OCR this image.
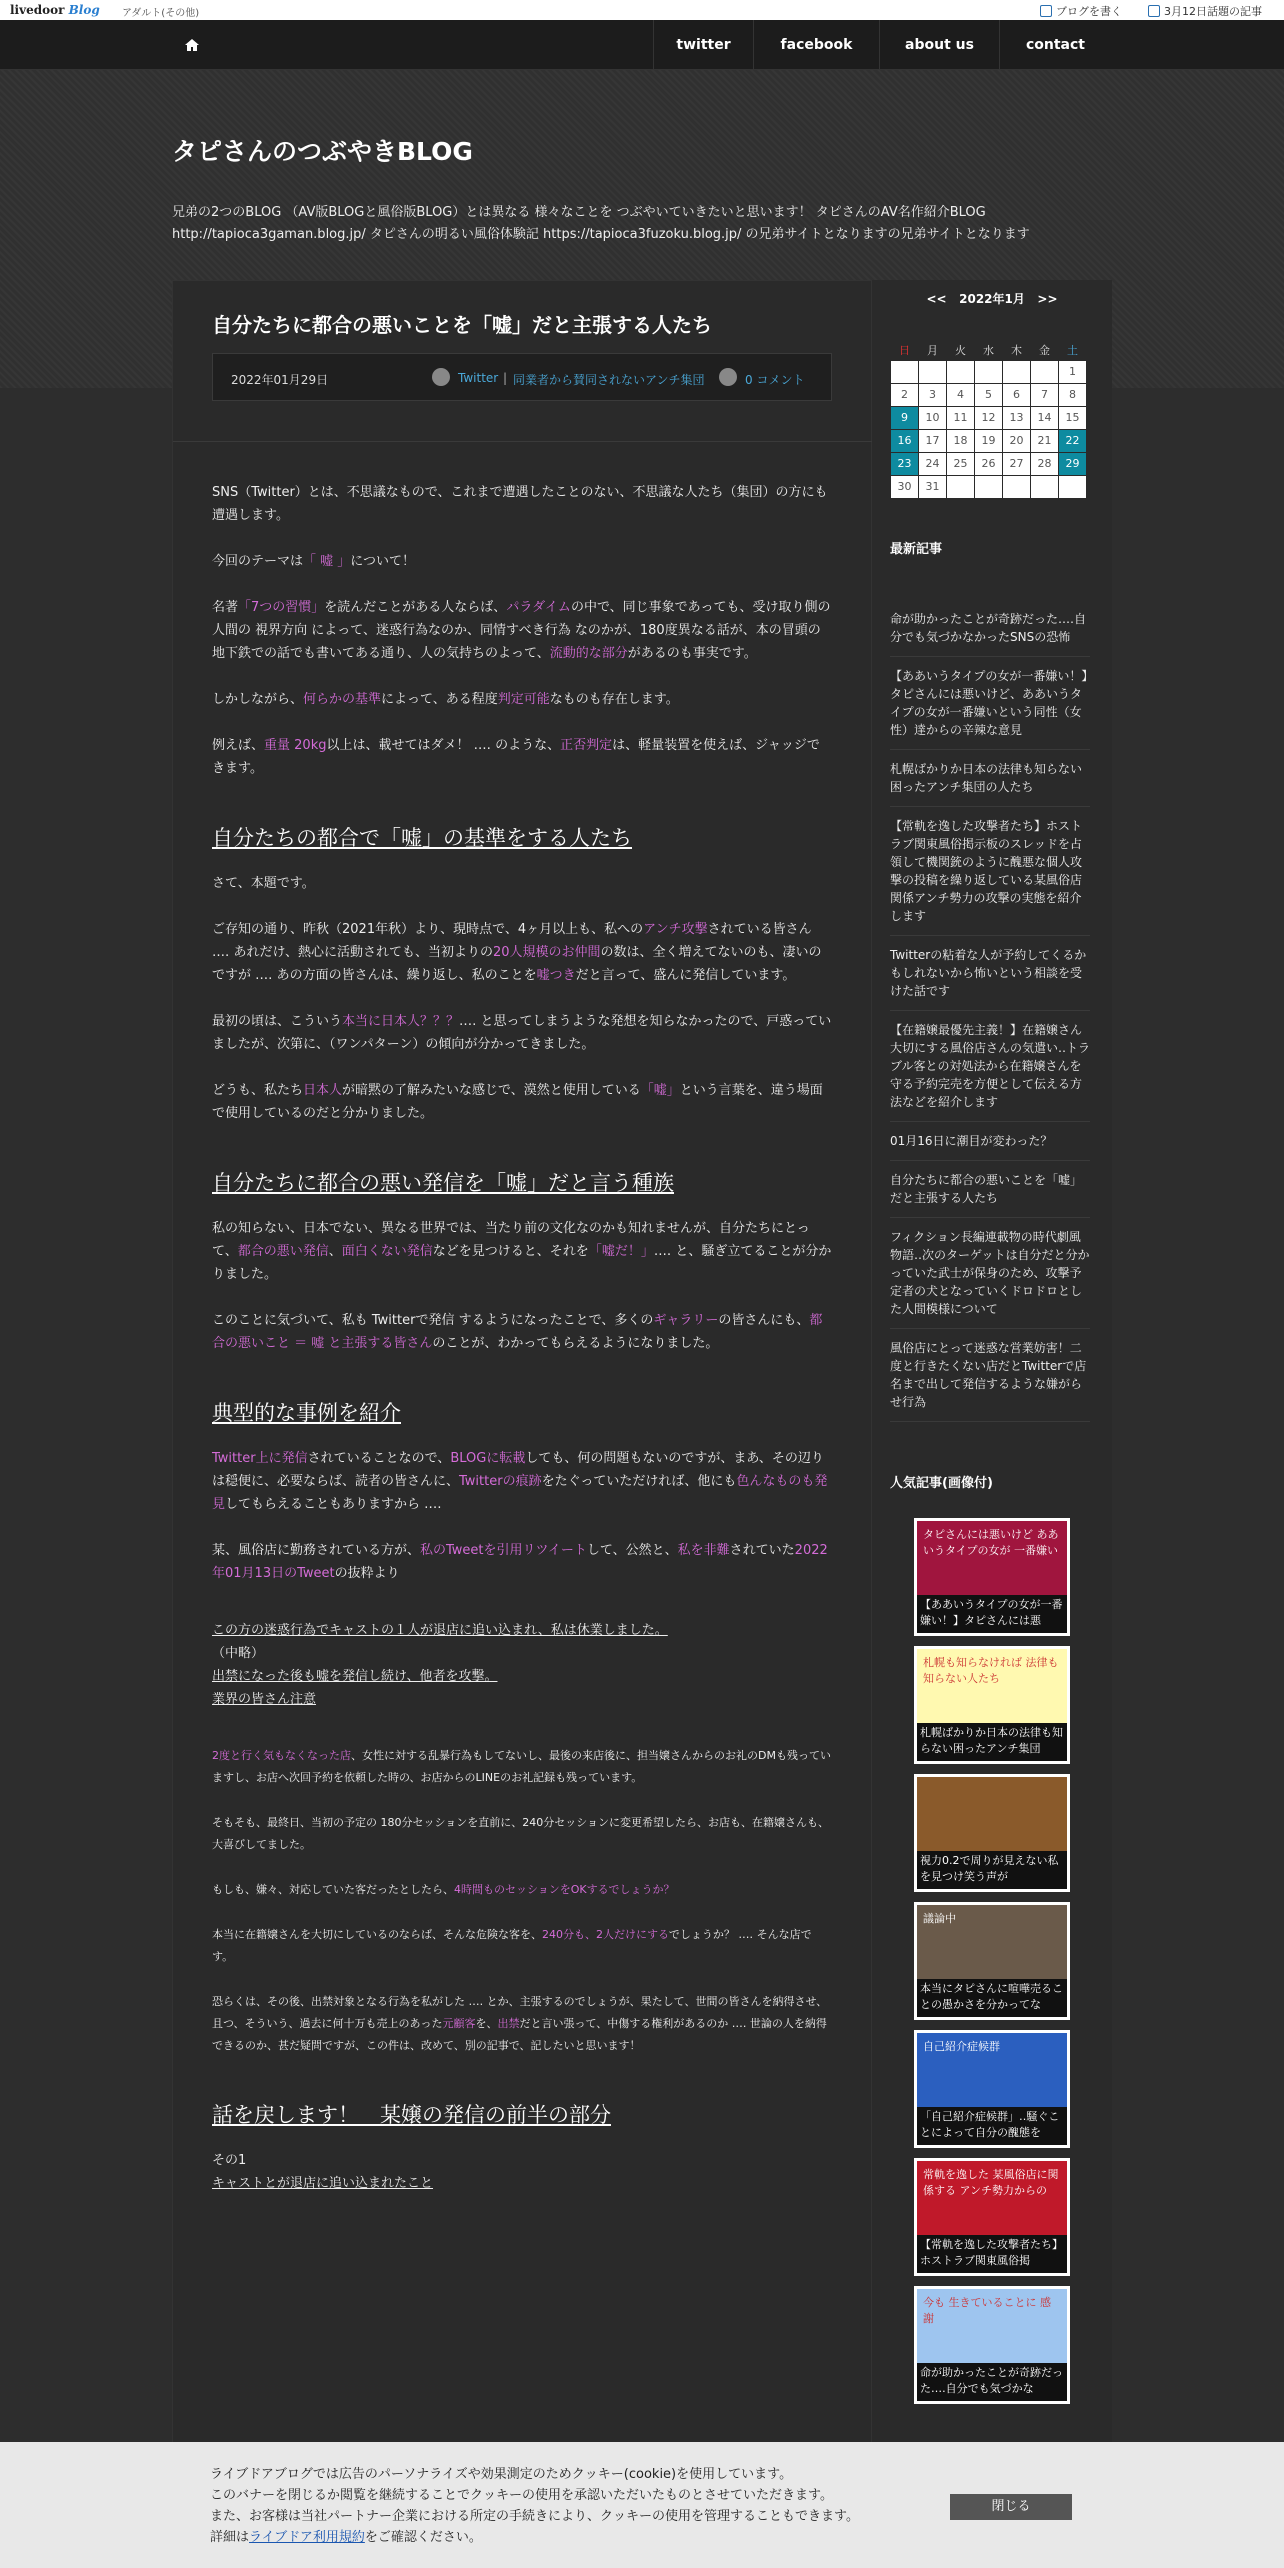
livedoor Blog アダルト(その他)	ブログを書く	3月12日話題の記事
twitter	facebook	about us	contact
タピさんのつぶやきBLOG
兄弟の2つのBLOG （AV版BLOGと風俗版BLOG）とは異なる 様々なことを つぶやいていきたいと思います！ タピさんのAV名作紹介BLOG http://tapioca3gaman.blog.jp/ タピさんの明るい風俗体験記 https://tapioca3fuzoku.blog.jp/ の兄弟サイトとなりますの兄弟サイトとなります
自分たちに都合の悪いことを「嘘」だと主張する人たち
2022年01月29日	Twitter | 同業者から賛同されないアンチ集団	0 コメント

SNS（Twitter）とは、不思議なもので、これまで遭遇したことのない、不思議な人たち（集団）の方にも遭遇します。

今回のテーマは「 嘘 」について！

名著「7つの習慣」を読んだことがある人ならば、パラダイムの中で、同じ事象であっても、受け取り側の人間の 視界方向 によって、迷惑行為なのか、同情すべき行為 なのかが、180度異なる話が、本の冒頭の地下鉄での話でも書いてある通り、人の気持ちのよって、流動的な部分があるのも事実です。

しかしながら、何らかの基準によって、ある程度判定可能なものも存在します。

例えば、重量 20kg以上は、載せてはダメ！ ‥‥ のような、正否判定は、軽量装置を使えば、ジャッジできます。

自分たちの都合で「嘘」の基準をする人たち

さて、本題です。

ご存知の通り、昨秋（2021年秋）より、現時点で、4ヶ月以上も、私へのアンチ攻撃されている皆さん ‥‥ あれだけ、熱心に活動されても、当初よりの20人規模のお仲間の数は、全く増えてないのも、凄いのですが ‥‥ あの方面の皆さんは、繰り返し、私のことを嘘つきだと言って、盛んに発信しています。

最初の頃は、こういう本当に日本人？？？‥‥ と思ってしまうような発想を知らなかったので、戸惑っていましたが、次第に、（ワンパターン）の傾向が分かってきました。

どうも、私たち日本人が暗黙の了解みたいな感じで、漠然と使用している「嘘」という言葉を、違う場面で使用しているのだと分かりました。

自分たちに都合の悪い発信を「嘘」だと言う種族

私の知らない、日本でない、異なる世界では、当たり前の文化なのかも知れませんが、自分たちにとって、都合の悪い発信、面白くない発信などを見つけると、それを「嘘だ！」‥‥ と、騒ぎ立てることが分かりました。

このことに気づいて、私も Twitterで発信 するようになったことで、多くのギャラリーの皆さんにも、都合の悪いこと ＝ 嘘 と主張する皆さんのことが、わかってもらえるようになりました。

典型的な事例を紹介

Twitter上に発信されていることなので、BLOGに転載しても、何の問題もないのですが、まあ、その辺りは穏便に、必要ならば、読者の皆さんに、Twitterの痕跡をたぐっていただければ、他にも色んなものも発見してもらえることもありますから ‥‥

某、風俗店に勤務されている方が、私のTweetを引用リツイートして、公然と、私を非難されていた2022年01月13日のTweetの抜粋より

この方の迷惑行為でキャストの１人が退店に追い込まれ、私は休業しました。
（中略）
出禁になった後も嘘を発信し続け、他者を攻撃。
業界の皆さん注意

2度と行く気もなくなった店、女性に対する乱暴行為もしてないし、最後の来店後に、担当嬢さんからのお礼のDMも残っていますし、お店へ次回予約を依頼した時の、お店からのLINEのお礼記録も残っています。

そもそも、最終日、当初の予定の 180分セッションを直前に、240分セッションに変更希望したら、お店も、在籍嬢さんも、大喜びしてました。

もしも、嫌々、対応していた客だったとしたら、4時間ものセッションをOKするでしょうか？

本当に在籍嬢さんを大切にしているのならば、そんな危険な客を、240分も、2人だけにするでしょうか？ ‥‥ そんな店です。

恐らくは、その後、出禁対象となる行為を私がした ‥‥ とか、主張するのでしょうが、果たして、世間の皆さんを納得させ、且つ、そういう、過去に何十万も売上のあった元顧客を、出禁だと言い張って、中傷する権利があるのか ‥‥ 世論の人を納得できるのか、甚だ疑問ですが、この件は、改めて、別の記事で、記したいと思います！

話を戻します！　某嬢の発信の前半の部分
その1
キャストとが退店に追い込まれたこと
<< 2022年1月 >>
日	月	火	水	木	金	土
						1
2	3	4	5	6	7	8
9	10	11	12	13	14	15
16	17	18	19	20	21	22
23	24	25	26	27	28	29
30	31					
最新記事
命が助かったことが奇跡だった‥‥自分でも気づかなかったSNSの恐怖
【ああいうタイプの女が一番嫌い！】タピさんには悪いけど、ああいうタイプの女が一番嫌いという同性（女性）達からの辛辣な意見
札幌ばかりか日本の法律も知らない困ったアンチ集団の人たち
【常軌を逸した攻撃者たち】ホストラブ関東風俗掲示板のスレッドを占領して機関銃のように醜悪な個人攻撃の投稿を繰り返している某風俗店関係アンチ勢力の攻撃の実態を紹介します
Twitterの粘着な人が予約してくるかもしれないから怖いという相談を受けた話です
【在籍嬢最優先主義！】在籍嬢さん大切にする風俗店さんの気遣い‥トラブル客との対処法から在籍嬢さんを守る予約完売を方便として伝える方法などを紹介します
01月16日に潮目が変わった？
自分たちに都合の悪いことを「嘘」だと主張する人たち
フィクション長編連載物の時代劇風物語‥次のターゲットは自分だと分かっていた武士が保身のため、攻撃予定者の犬となっていくドロドロとした人間模様について
風俗店にとって迷惑な営業妨害！二度と行きたくない店だとTwitterで店名まで出して発信するような嫌がらせ行為
人気記事(画像付)
タピさんには悪いけど ああいうタイプの女が 一番嫌い
【ああいうタイプの女が一番嫌い！】タピさんには悪
札幌も知らなければ 法律も知らない人たち
札幌ばかりか日本の法律も知らない困ったアンチ集団
視力0.2で周りが見えない私を見つけ笑う声が
議論中
本当にタピさんに喧嘩売ることの愚かさを分かってな
自己紹介症候群
「自己紹介症候群」‥騒ぐことによって自分の醜態を
常軌を逸した 某風俗店に関係する アンチ勢力からの
【常軌を逸した攻撃者たち】ホストラブ関東風俗掲
今も 生きていることに 感謝
命が助かったことが奇跡だった‥‥自分でも気づかな
ライブドアブログでは広告のパーソナライズや効果測定のためクッキー(cookie)を使用しています。
このバナーを閉じるか閲覧を継続することでクッキーの使用を承認いただいたものとさせていただきます。
また、お客様は当社パートナー企業における所定の手続きにより、クッキーの使用を管理することもできます。
詳細はライブドア利用規約をご確認ください。
閉じる
